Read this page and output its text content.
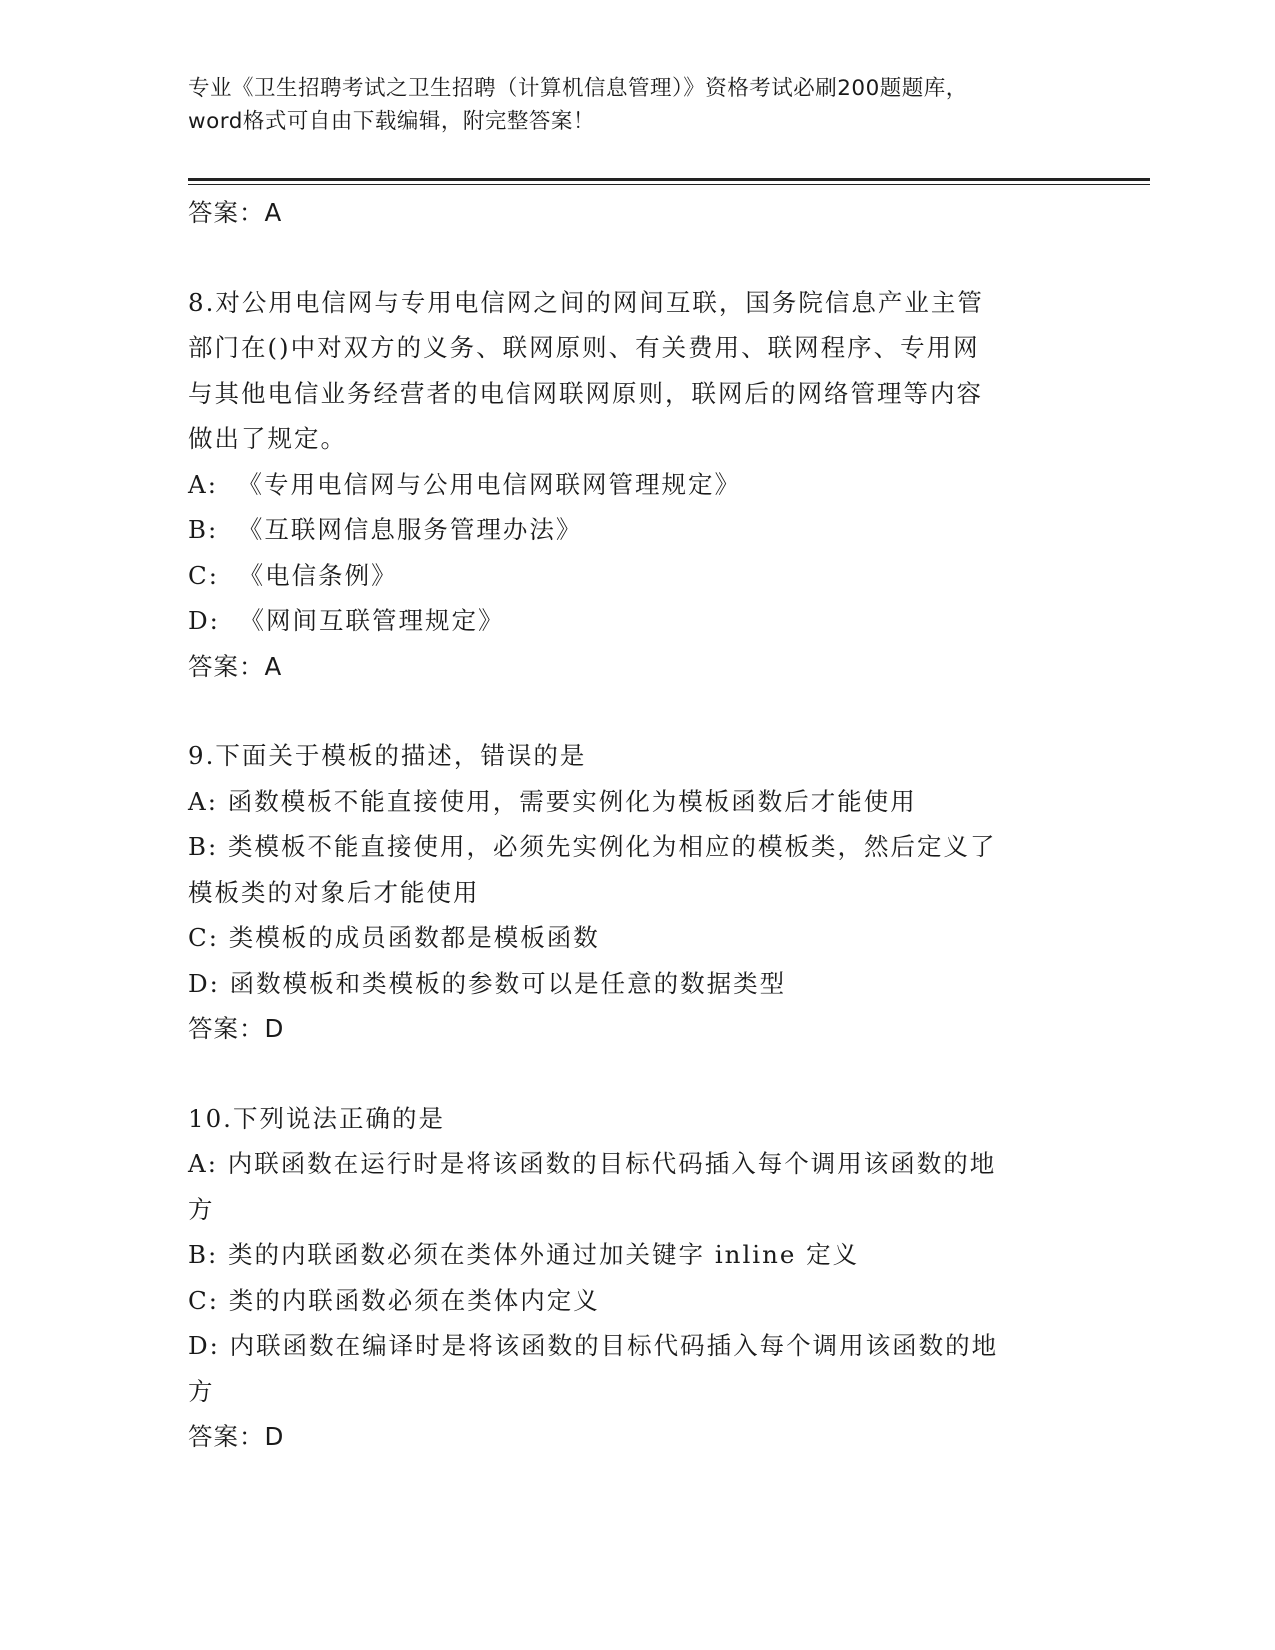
专业《卫生招聘考试之卫生招聘（计算机信息管理）》资格考试必刷200题题库，
word格式可自由下载编辑，附完整答案！
答案：A
8.对公用电信网与专用电信网之间的网间互联，国务院信息产业主管
部门在()中对双方的义务、联网原则、有关费用、联网程序、专用网
与其他电信业务经营者的电信网联网原则，联网后的网络管理等内容
做出了规定。
A:  《专用电信网与公用电信网联网管理规定》
B:  《互联网信息服务管理办法》
C:  《电信条例》
D:  《网间互联管理规定》
答案：A
9.下面关于模板的描述，错误的是
A: 函数模板不能直接使用，需要实例化为模板函数后才能使用
B: 类模板不能直接使用，必须先实例化为相应的模板类，然后定义了
模板类的对象后才能使用
C: 类模板的成员函数都是模板函数
D: 函数模板和类模板的参数可以是任意的数据类型
答案：D
10.下列说法正确的是
A: 内联函数在运行时是将该函数的目标代码插入每个调用该函数的地
方
B: 类的内联函数必须在类体外通过加关键字 inline 定义
C: 类的内联函数必须在类体内定义
D: 内联函数在编译时是将该函数的目标代码插入每个调用该函数的地
方
答案：D
